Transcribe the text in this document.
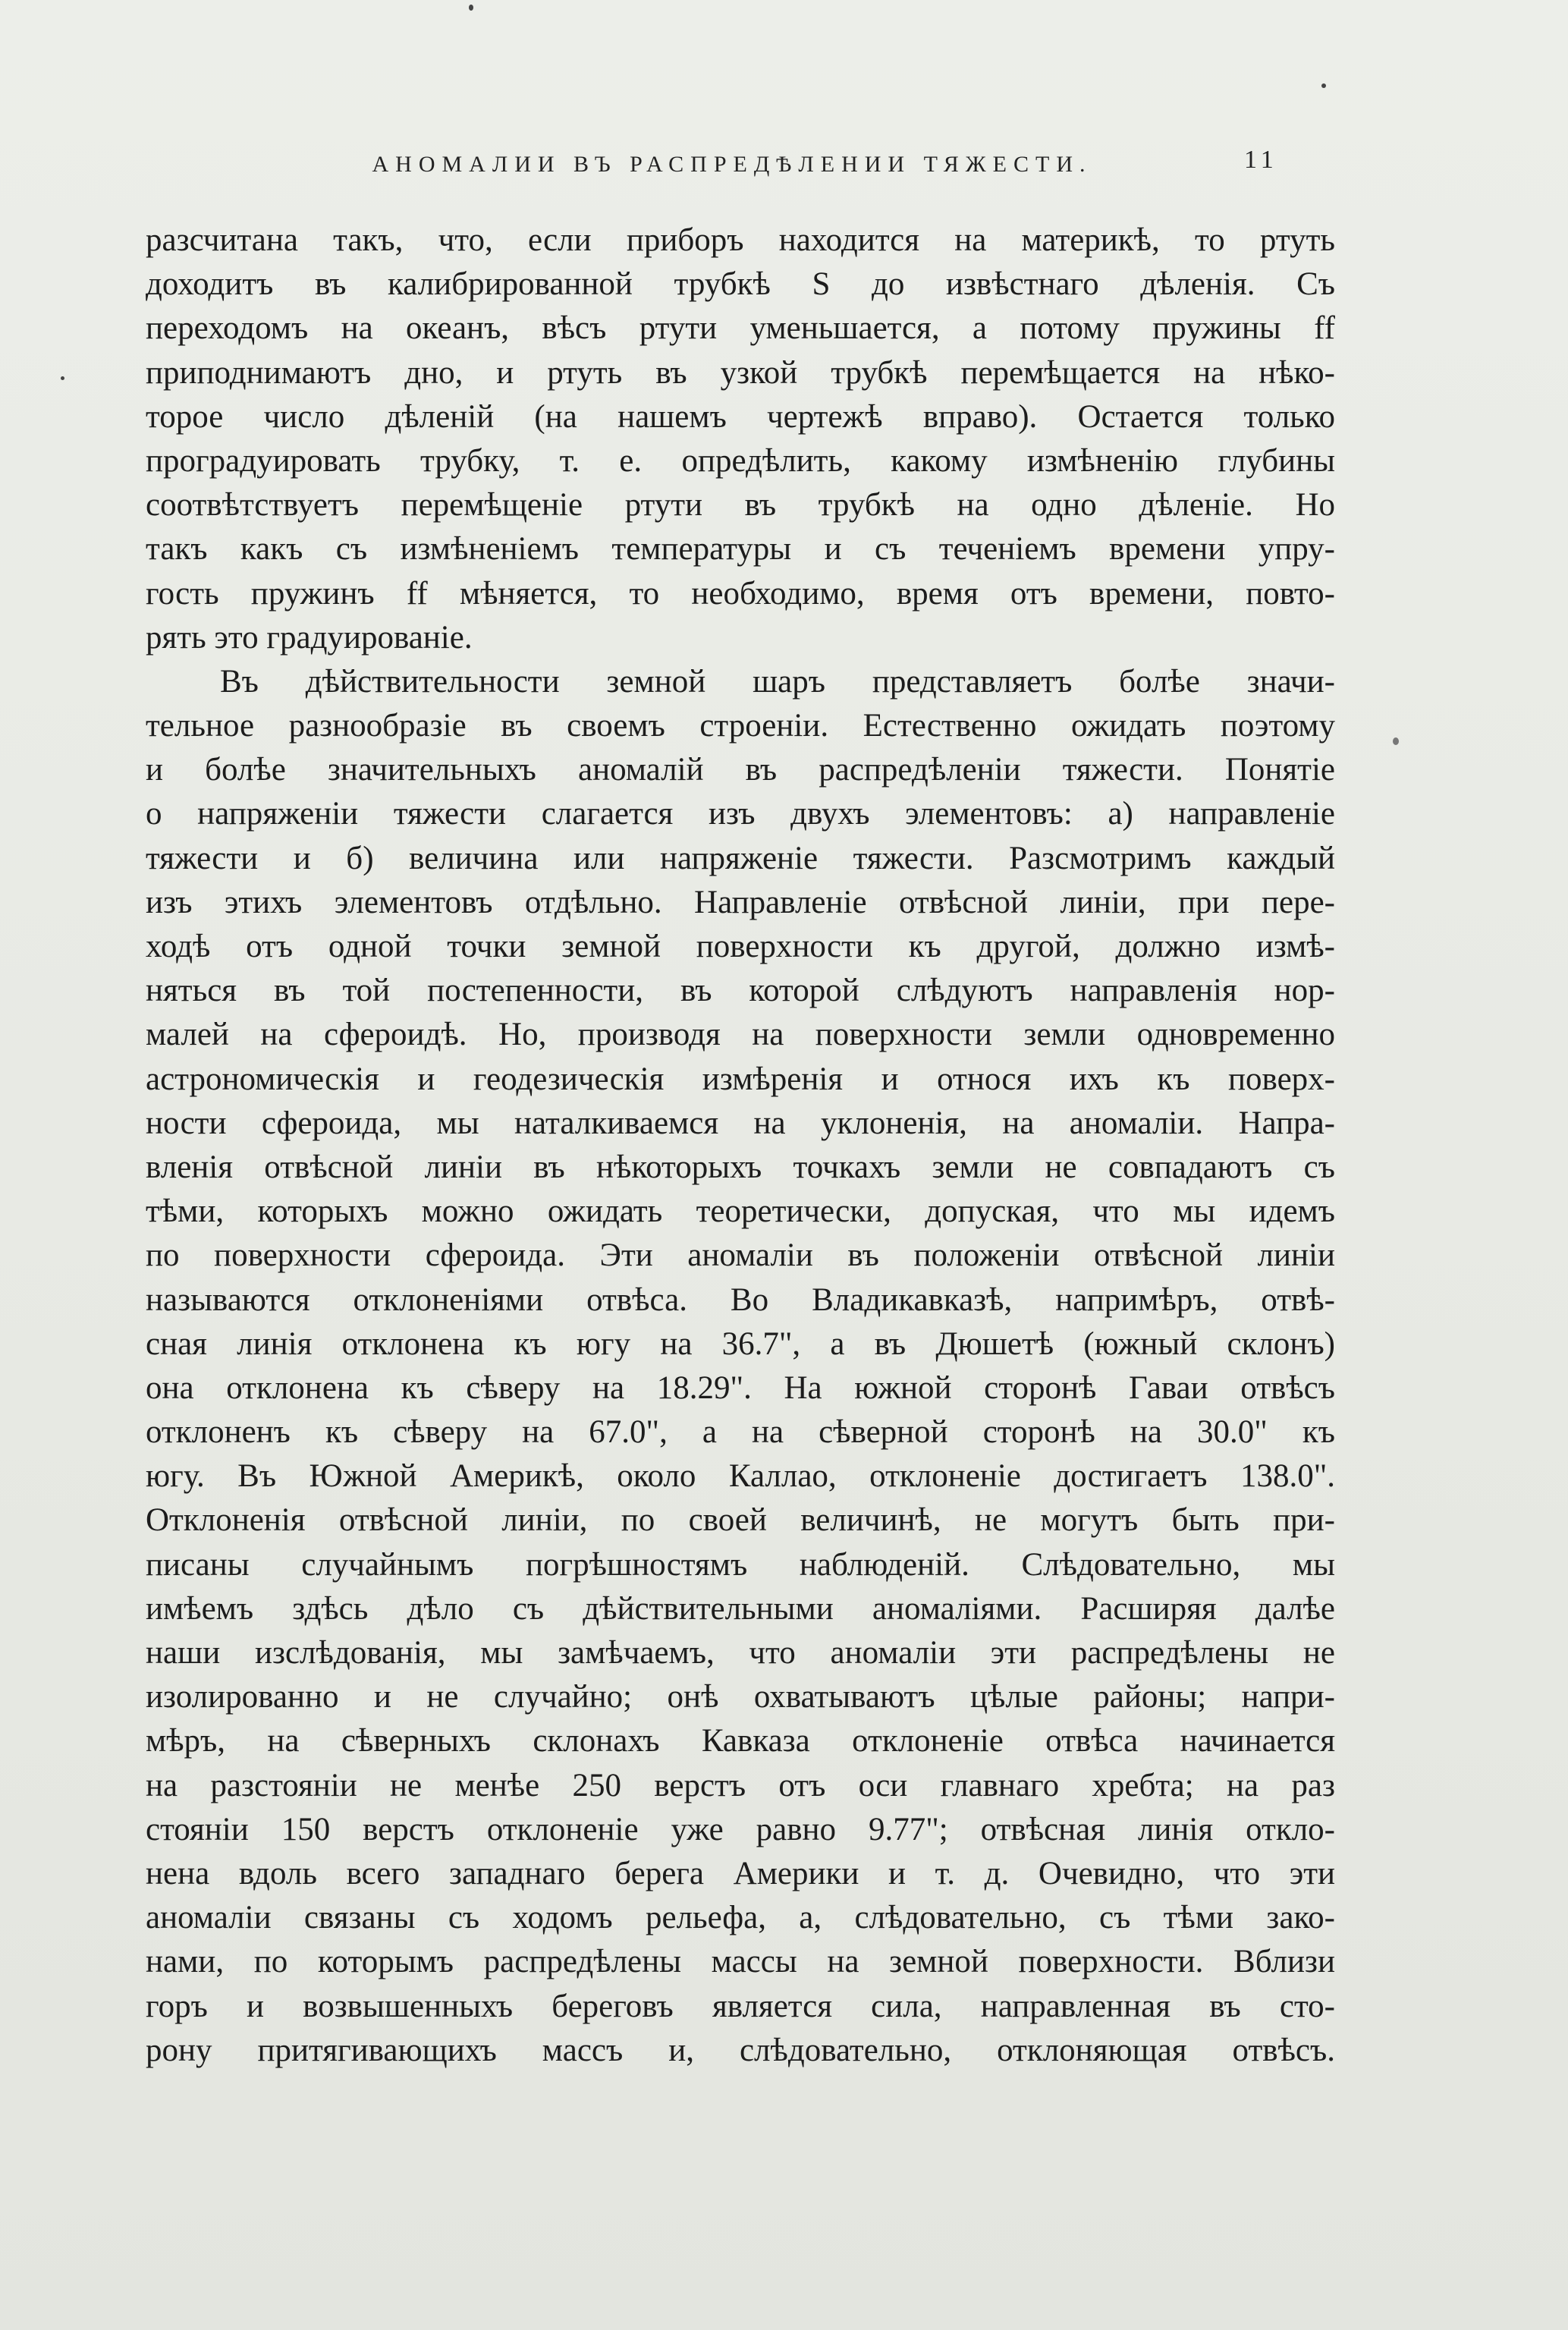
АНОМАЛИИ ВЪ РАСПРЕДѢЛЕНИИ ТЯЖЕСТИ.	11
разсчитана такъ, что, если приборъ находится на материкѣ, то ртуть
доходитъ въ калибрированной трубкѣ S до извѣстнаго дѣленія. Съ
переходомъ на океанъ, вѣсъ ртути уменьшается, а потому пружины ff
приподнимаютъ дно, и ртуть въ узкой трубкѣ перемѣщается на нѣко-
торое число дѣленій (на нашемъ чертежѣ вправо). Остается только
проградуировать трубку, т. е. опредѣлить, какому измѣненію глубины
соотвѣтствуетъ перемѣщеніе ртути въ трубкѣ на одно дѣленіе. Но
такъ какъ съ измѣненіемъ температуры и съ теченіемъ времени упру-
гость пружинъ ff мѣняется, то необходимо, время отъ времени, повто-
рять это градуированіе.
Въ дѣйствительности земной шаръ представляетъ болѣе значи-
тельное разнообразіе въ своемъ строеніи. Естественно ожидать поэтому
и болѣе значительныхъ аномалій въ распредѣленіи тяжести. Понятіе
о напряженіи тяжести слагается изъ двухъ элементовъ: а) направленіе
тяжести и б) величина или напряженіе тяжести. Разсмотримъ каждый
изъ этихъ элементовъ отдѣльно. Направленіе отвѣсной линіи, при пере-
ходѣ отъ одной точки земной поверхности къ другой, должно измѣ-
няться въ той постепенности, въ которой слѣдуютъ направленія нор-
малей на сфероидѣ. Но, производя на поверхности земли одновременно
астрономическія и геодезическія измѣренія и относя ихъ къ поверх-
ности сфероида, мы наталкиваемся на уклоненія, на аномаліи. Напра-
вленія отвѣсной линіи въ нѣкоторыхъ точкахъ земли не совпадаютъ съ
тѣми, которыхъ можно ожидать теоретически, допуская, что мы идемъ
по поверхности сфероида. Эти аномаліи въ положеніи отвѣсной линіи
называются отклоненіями отвѣса. Во Владикавказѣ, напримѣръ, отвѣ-
сная линія отклонена къ югу на 36.7", а въ Дюшетѣ (южный склонъ)
она отклонена къ сѣверу на 18.29". На южной сторонѣ Гаваи отвѣсъ
отклоненъ къ сѣверу на 67.0", а на сѣверной сторонѣ на 30.0" къ
югу. Въ Южной Америкѣ, около Каллао, отклоненіе достигаетъ 138.0".
Отклоненія отвѣсной линіи, по своей величинѣ, не могутъ быть при-
писаны случайнымъ погрѣшностямъ наблюденій. Слѣдовательно, мы
имѣемъ здѣсь дѣло съ дѣйствительными аномаліями. Расширяя далѣе
наши изслѣдованія, мы замѣчаемъ, что аномаліи эти распредѣлены не
изолированно и не случайно; онѣ охватываютъ цѣлые районы; напри-
мѣръ, на сѣверныхъ склонахъ Кавказа отклоненіе отвѣса начинается
на разстояніи не менѣе 250 верстъ отъ оси главнаго хребта; на раз
стояніи 150 верстъ отклоненіе уже равно 9.77"; отвѣсная линія откло-
нена вдоль всего западнаго берега Америки и т. д. Очевидно, что эти
аномаліи связаны съ ходомъ рельефа, а, слѣдовательно, съ тѣми зако-
нами, по которымъ распредѣлены массы на земной поверхности. Вблизи
горъ и возвышенныхъ береговъ является сила, направленная въ сто-
рону притягивающихъ массъ и, слѣдовательно, отклоняющая отвѣсъ.
